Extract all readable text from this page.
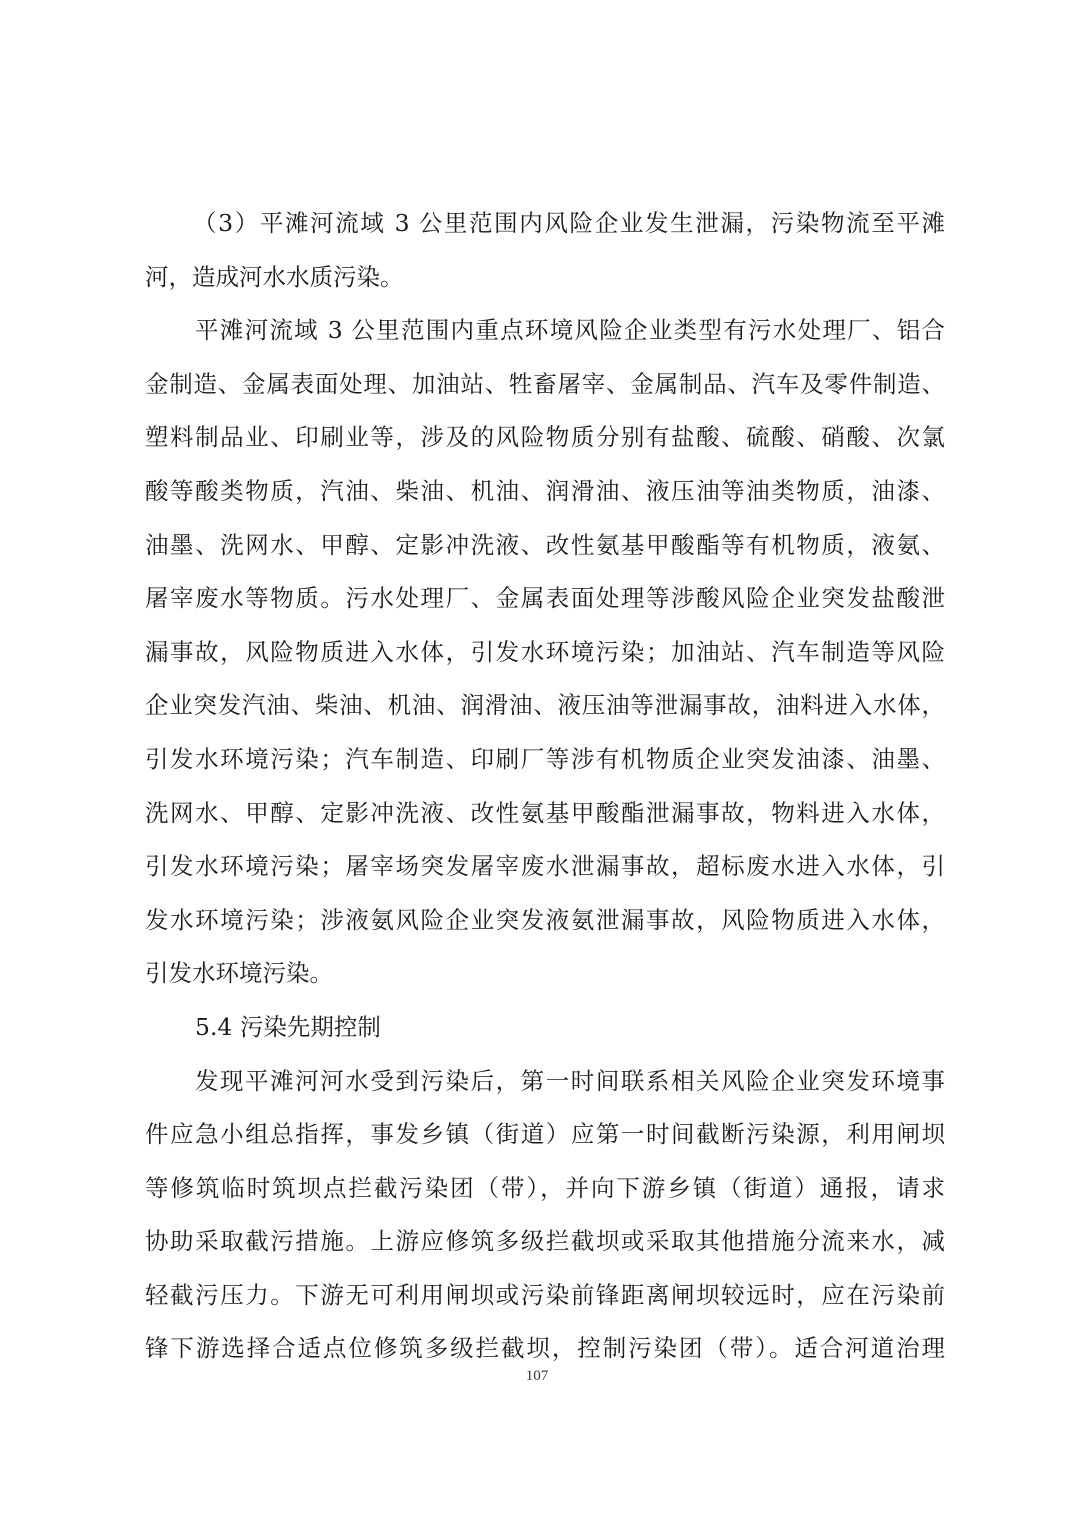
（3）平滩河流域 3 公里范围内风险企业发生泄漏，污染物流至平滩
河，造成河水水质污染。
平滩河流域 3 公里范围内重点环境风险企业类型有污水处理厂、铝合
金制造、金属表面处理、加油站、牲畜屠宰、金属制品、汽车及零件制造、
塑料制品业、印刷业等，涉及的风险物质分别有盐酸、硫酸、硝酸、次氯
酸等酸类物质，汽油、柴油、机油、润滑油、液压油等油类物质，油漆、
油墨、洗网水、甲醇、定影冲洗液、改性氨基甲酸酯等有机物质，液氨、
屠宰废水等物质。污水处理厂、金属表面处理等涉酸风险企业突发盐酸泄
漏事故，风险物质进入水体，引发水环境污染；加油站、汽车制造等风险
企业突发汽油、柴油、机油、润滑油、液压油等泄漏事故，油料进入水体，
引发水环境污染；汽车制造、印刷厂等涉有机物质企业突发油漆、油墨、
洗网水、甲醇、定影冲洗液、改性氨基甲酸酯泄漏事故，物料进入水体，
引发水环境污染；屠宰场突发屠宰废水泄漏事故，超标废水进入水体，引
发水环境污染；涉液氨风险企业突发液氨泄漏事故，风险物质进入水体，
引发水环境污染。
5.4 污染先期控制
发现平滩河河水受到污染后，第一时间联系相关风险企业突发环境事
件应急小组总指挥，事发乡镇（街道）应第一时间截断污染源，利用闸坝
等修筑临时筑坝点拦截污染团（带），并向下游乡镇（街道）通报，请求
协助采取截污措施。上游应修筑多级拦截坝或采取其他措施分流来水，减
轻截污压力。下游无可利用闸坝或污染前锋距离闸坝较远时，应在污染前
锋下游选择合适点位修筑多级拦截坝，控制污染团（带）。适合河道治理
107
